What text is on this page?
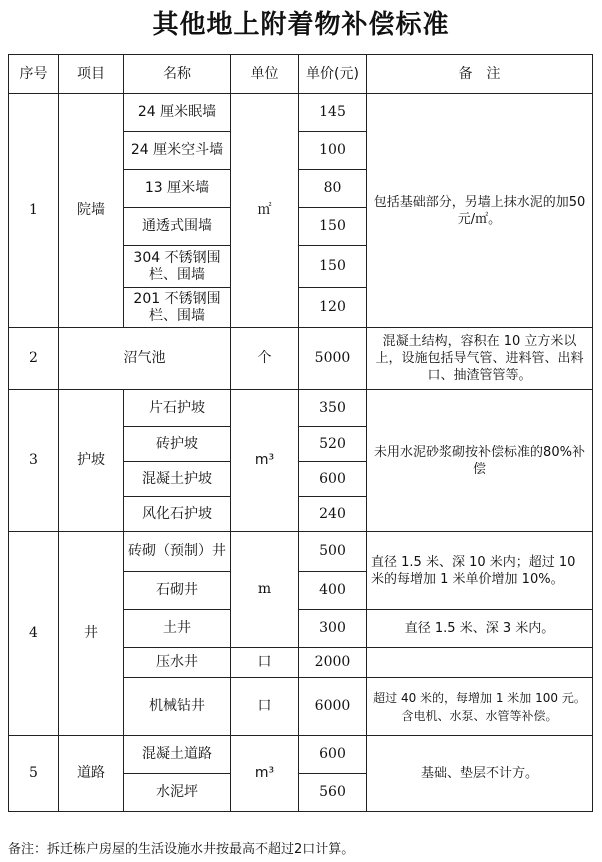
其他地上附着物补偿标准
序号	项目	名称	单位	单价(元)	备　注
1	院墙	24 厘米眠墙	㎡	145	包括基础部分，另墙上抹水泥的加50元/㎡。
		24 厘米空斗墙		100	
		13 厘米墙		80	
		通透式围墙		150	
		304 不锈钢围栏、围墙		150	
		201 不锈钢围栏、围墙		120	
2	沼气池		个	5000	混凝土结构，容积在 10 立方米以上，设施包括导气管、进料管、出料口、抽渣管管等。
3	护坡	片石护坡	m³	350	未用水泥砂浆砌按补偿标准的80%补偿
		砖护坡		520	
		混凝土护坡		600	
		风化石护坡		240	
4	井	砖砌（预制）井	m	500	直径 1.5 米、深 10 米内；超过 10 米的每增加 1 米单价增加 10%。
		石砌井		400	
		土井		300	直径 1.5 米、深 3 米内。
		压水井	口	2000	
		机械钻井	口	6000	超过 40 米的，每增加 1 米加 100 元。含电机、水泵、水管等补偿。
5	道路	混凝土道路	m³	600	基础、垫层不计方。
		水泥坪		560	
备注：拆迁栋户房屋的生活设施水井按最高不超过2口计算。
